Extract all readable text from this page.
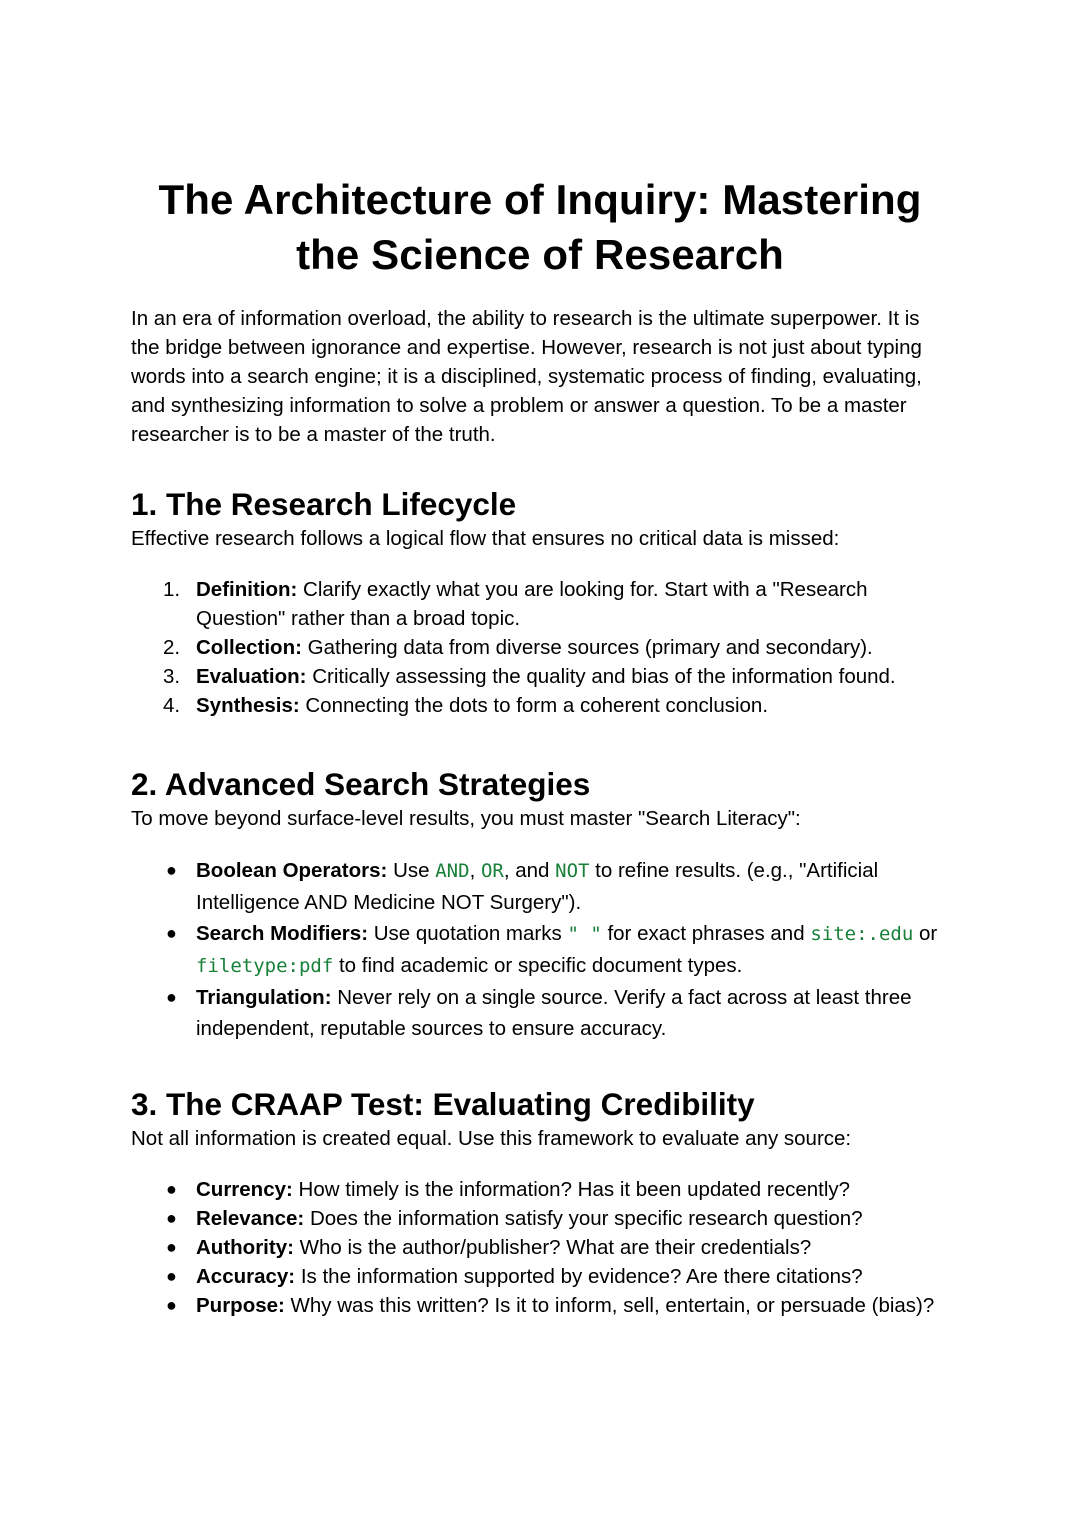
The Architecture of Inquiry: Mastering the Science of Research

In an era of information overload, the ability to research is the ultimate superpower. It is the bridge between ignorance and expertise. However, research is not just about typing words into a search engine; it is a disciplined, systematic process of finding, evaluating, and synthesizing information to solve a problem or answer a question. To be a master researcher is to be a master of the truth.

1. The Research Lifecycle

Effective research follows a logical flow that ensures no critical data is missed:

1. Definition: Clarify exactly what you are looking for. Start with a "Research Question" rather than a broad topic.
2. Collection: Gathering data from diverse sources (primary and secondary).
3. Evaluation: Critically assessing the quality and bias of the information found.
4. Synthesis: Connecting the dots to form a coherent conclusion.
2. Advanced Search Strategies

To move beyond surface-level results, you must master "Search Literacy":

● Boolean Operators: Use AND, OR, and NOT to refine results. (e.g., "Artificial Intelligence AND Medicine NOT Surgery").
● Search Modifiers: Use quotation marks " " for exact phrases and site:.edu or filetype:pdf to find academic or specific document types.
● Triangulation: Never rely on a single source. Verify a fact across at least three independent, reputable sources to ensure accuracy.
3. The CRAAP Test: Evaluating Credibility

Not all information is created equal. Use this framework to evaluate any source:

● Currency: How timely is the information? Has it been updated recently?
● Relevance: Does the information satisfy your specific research question?
● Authority: Who is the author/publisher? What are their credentials?
● Accuracy: Is the information supported by evidence? Are there citations?
● Purpose: Why was this written? Is it to inform, sell, entertain, or persuade (bias)?
